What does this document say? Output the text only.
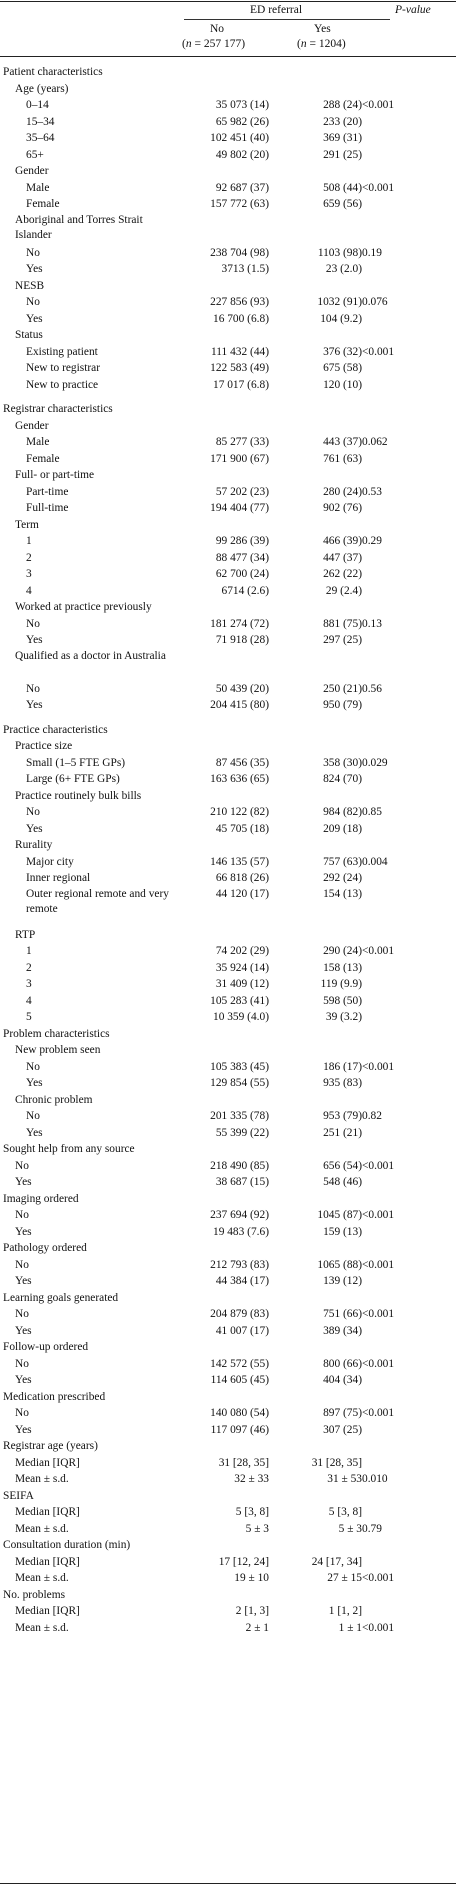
ED referral	P-value
No	Yes
(n = 257 177)	(n = 1204)
Patient characteristics			
Age (years)			
0–14	35 073 (14)	288 (24)	<0.001
15–34	65 982 (26)	233 (20)	
35–64	102 451 (40)	369 (31)	
65+	49 802 (20)	291 (25)	
Gender			
Male	92 687 (37)	508 (44)	<0.001
Female	157 772 (63)	659 (56)	
Aboriginal and Torres Strait Islander			
No	238 704 (98)	1103 (98)	0.19
Yes	3713 (1.5)	23 (2.0)	
NESB			
No	227 856 (93)	1032 (91)	0.076
Yes	16 700 (6.8)	104 (9.2)	
Status			
Existing patient	111 432 (44)	376 (32)	<0.001
New to registrar	122 583 (49)	675 (58)	
New to practice	17 017 (6.8)	120 (10)	

Registrar characteristics			
Gender			
Male	85 277 (33)	443 (37)	0.062
Female	171 900 (67)	761 (63)	
Full- or part-time			
Part-time	57 202 (23)	280 (24)	0.53
Full-time	194 404 (77)	902 (76)	
Term			
1	99 286 (39)	466 (39)	0.29
2	88 477 (34)	447 (37)	
3	62 700 (24)	262 (22)	
4	6714 (2.6)	29 (2.4)	
Worked at practice previously			
No	181 274 (72)	881 (75)	0.13
Yes	71 918 (28)	297 (25)	
Qualified as a doctor in Australia			
No	50 439 (20)	250 (21)	0.56
Yes	204 415 (80)	950 (79)	

Practice characteristics			
Practice size			
Small (1–5 FTE GPs)	87 456 (35)	358 (30)	0.029
Large (6+ FTE GPs)	163 636 (65)	824 (70)	
Practice routinely bulk bills			
No	210 122 (82)	984 (82)	0.85
Yes	45 705 (18)	209 (18)	
Rurality			
Major city	146 135 (57)	757 (63)	0.004
Inner regional	66 818 (26)	292 (24)	
Outer regional remote and very remote	44 120 (17)	154 (13)	

RTP			
1	74 202 (29)	290 (24)	<0.001
2	35 924 (14)	158 (13)	
3	31 409 (12)	119 (9.9)	
4	105 283 (41)	598 (50)	
5	10 359 (4.0)	39 (3.2)	
Problem characteristics			
New problem seen			
No	105 383 (45)	186 (17)	<0.001
Yes	129 854 (55)	935 (83)	
Chronic problem			
No	201 335 (78)	953 (79)	0.82
Yes	55 399 (22)	251 (21)	
Sought help from any source			
No	218 490 (85)	656 (54)	<0.001
Yes	38 687 (15)	548 (46)	
Imaging ordered			
No	237 694 (92)	1045 (87)	<0.001
Yes	19 483 (7.6)	159 (13)	
Pathology ordered			
No	212 793 (83)	1065 (88)	<0.001
Yes	44 384 (17)	139 (12)	
Learning goals generated			
No	204 879 (83)	751 (66)	<0.001
Yes	41 007 (17)	389 (34)	
Follow-up ordered			
No	142 572 (55)	800 (66)	<0.001
Yes	114 605 (45)	404 (34)	
Medication prescribed			
No	140 080 (54)	897 (75)	<0.001
Yes	117 097 (46)	307 (25)	
Registrar age (years)			
Median [IQR]	31 [28, 35]	31 [28, 35]	
Mean ± s.d.	32 ± 33	31 ± 53	0.010
SEIFA			
Median [IQR]	5 [3, 8]	5 [3, 8]	
Mean ± s.d.	5 ± 3	5 ± 3	0.79
Consultation duration (min)			
Median [IQR]	17 [12, 24]	24 [17, 34]	
Mean ± s.d.	19 ± 10	27 ± 15	<0.001
No. problems			
Median [IQR]	2 [1, 3]	1 [1, 2]	
Mean ± s.d.	2 ± 1	1 ± 1	<0.001
